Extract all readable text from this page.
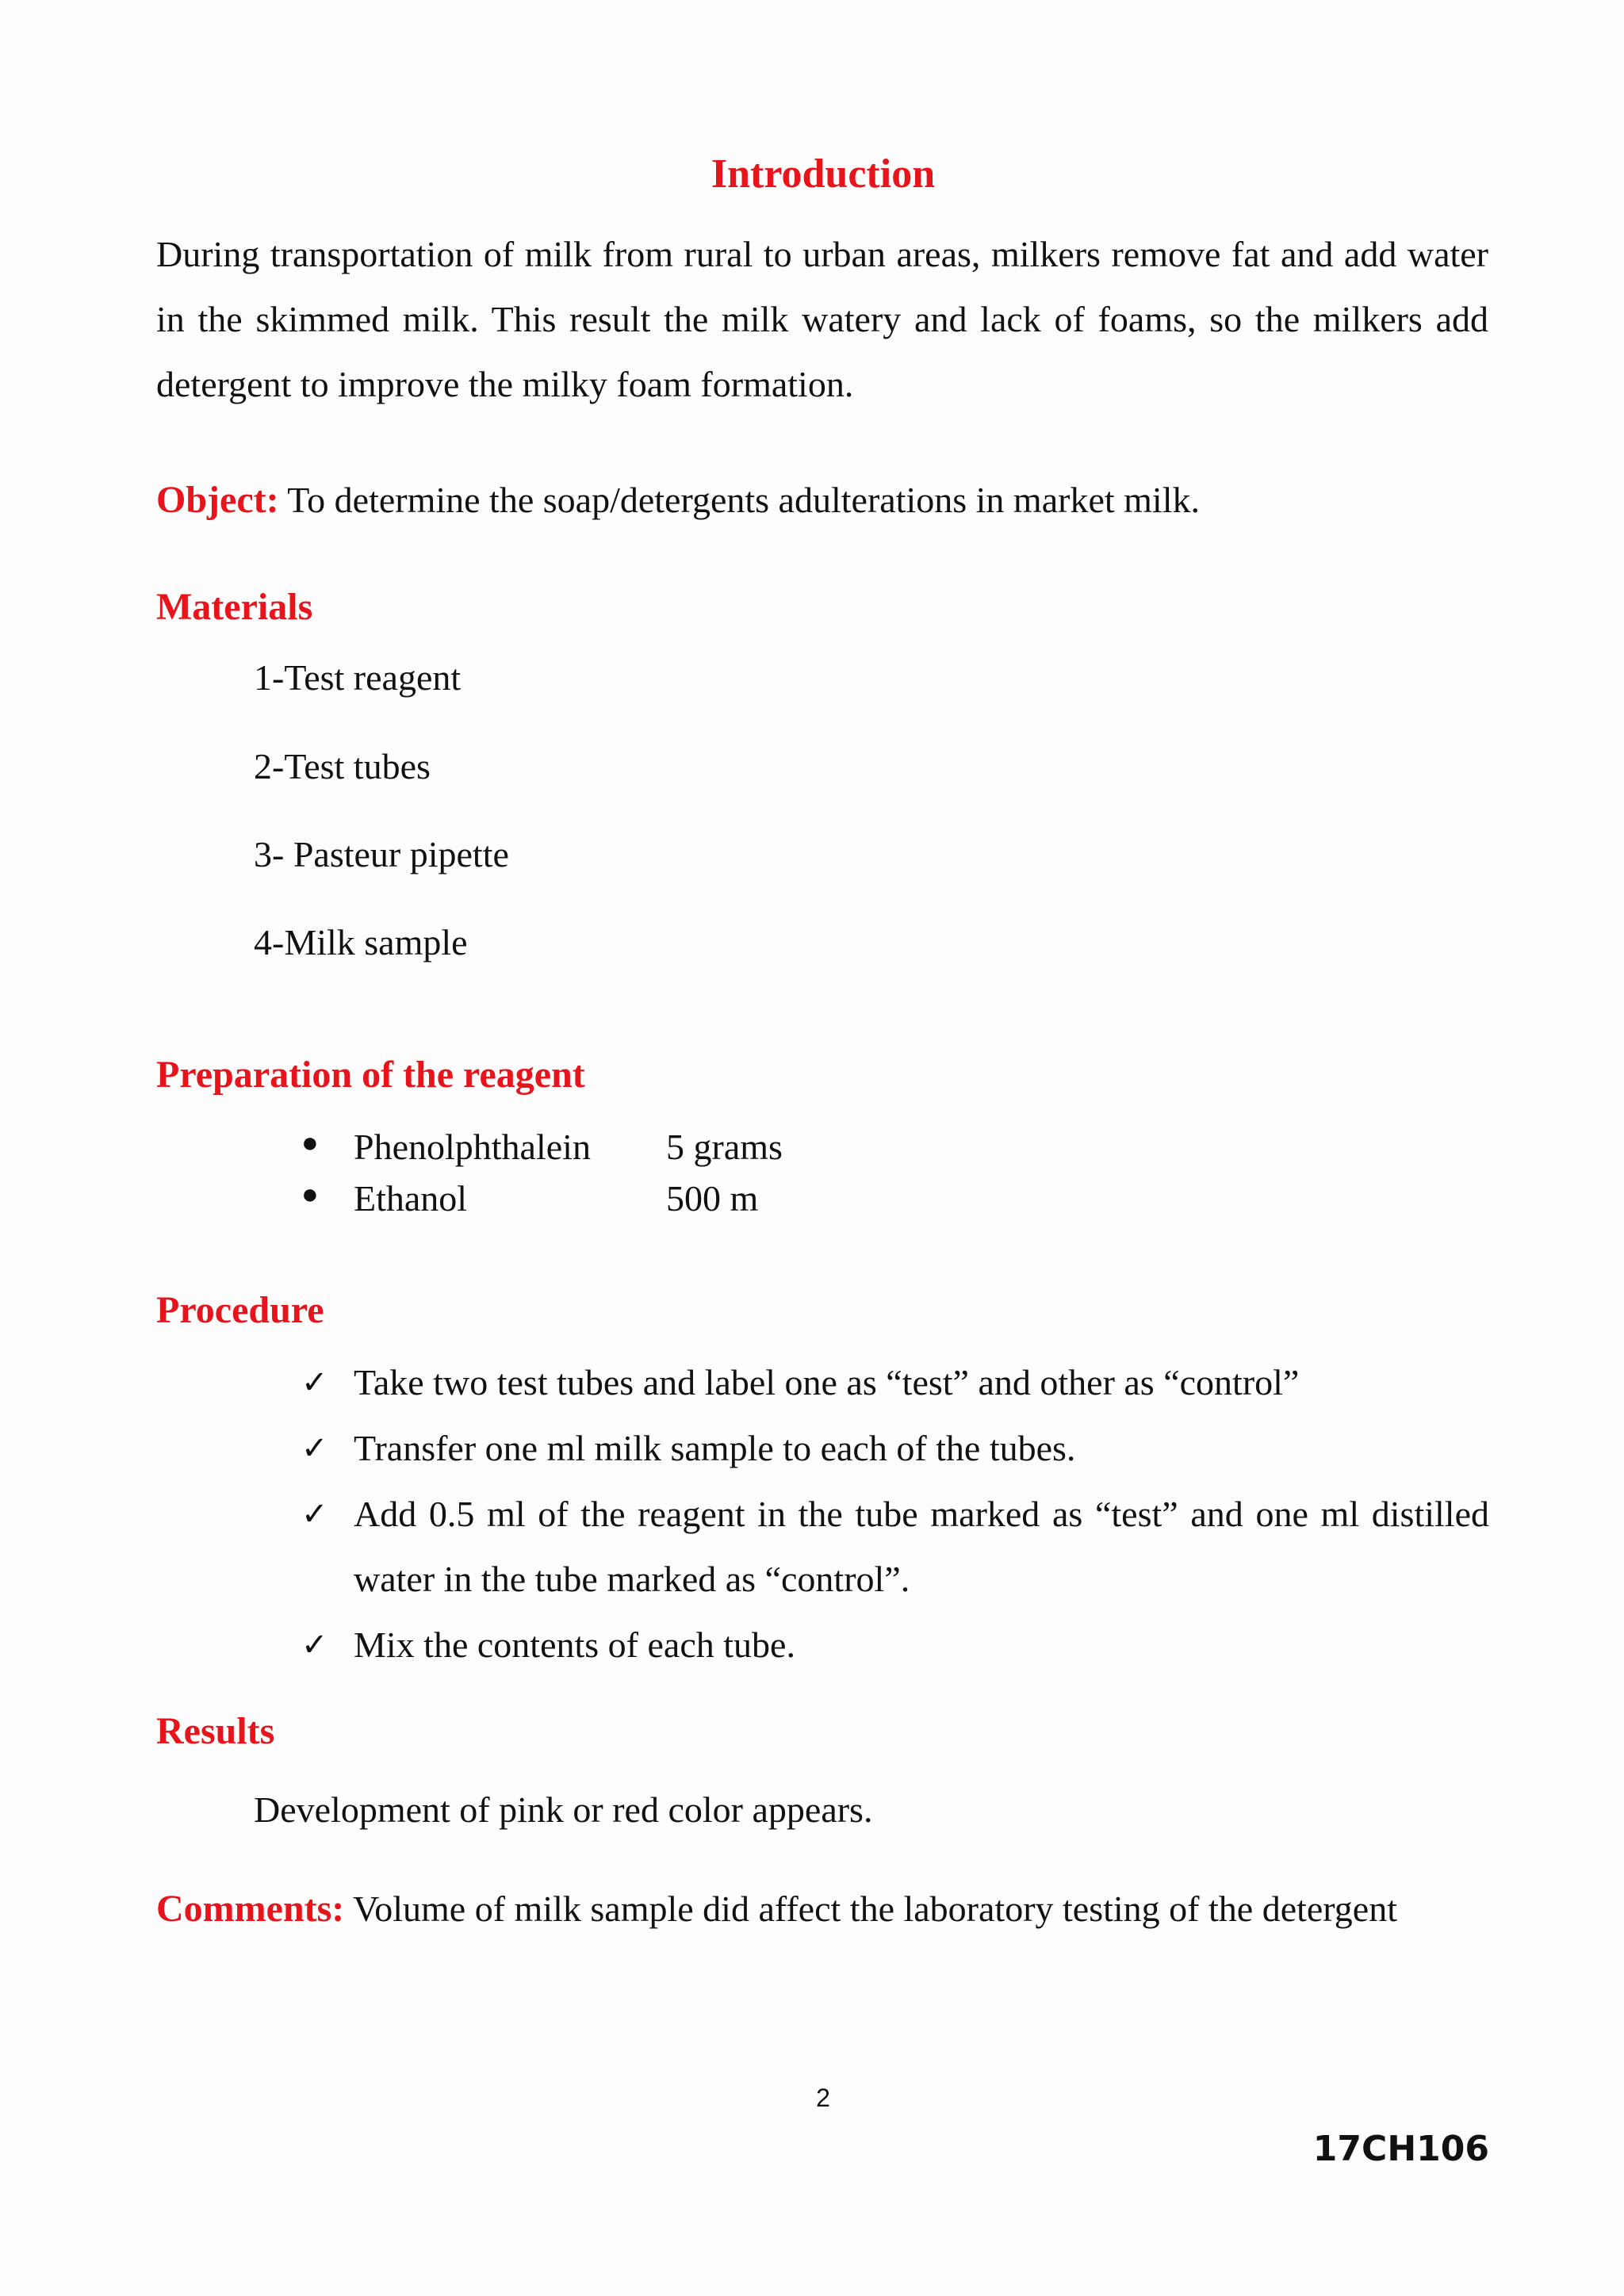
Introduction
During transportation of milk from rural to urban areas, milkers remove fat and add water in the skimmed milk. This result the milk watery and lack of foams, so the milkers add detergent to improve the milky foam formation.
Object: To determine the soap/detergents adulterations in market milk.
Materials
1-Test reagent
2-Test tubes
3- Pasteur pipette
4-Milk sample
Preparation of the reagent
● Phenolphthalein 5 grams
● Ethanol	500 m
Procedure
✓ Take two test tubes and label one as “test” and other as “control”
✓ Transfer one ml milk sample to each of the tubes.
✓ Add 0.5 ml of the reagent in the tube marked as “test” and one ml distilled water in the tube marked as “control”.
✓ Mix the contents of each tube.
Results
Development of pink or red color appears.
Comments: Volume of milk sample did affect the laboratory testing of the detergent
2
17CH106
